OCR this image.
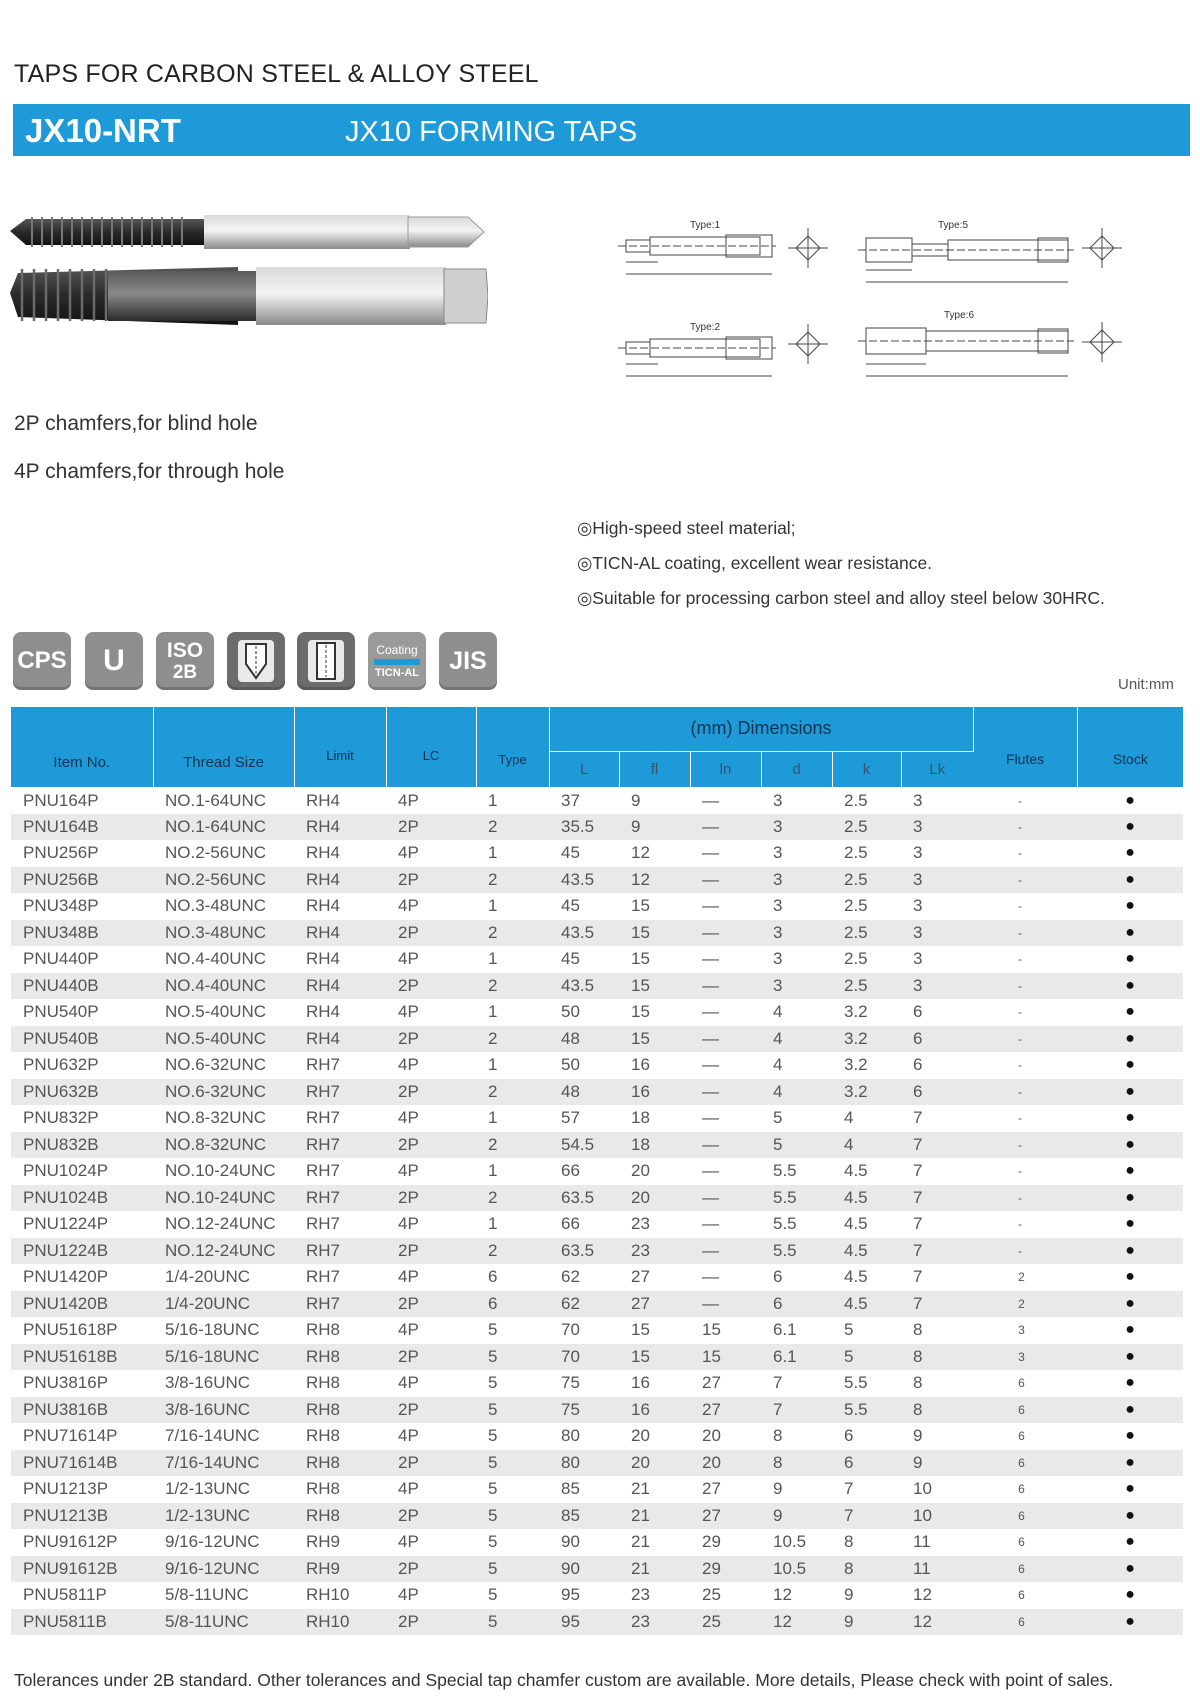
TAPS FOR CARBON STEEL & ALLOY STEEL
JX10-NRT	JX10 FORMING TAPS
Type:1	Type:5
Type:2
Type:6
2P chamfers,for blind hole
4P chamfers,for through hole
◎High-speed steel material;
◎TICN-AL coating, excellent wear resistance.
◎Suitable for processing carbon steel and alloy steel below 30HRC.
CPS U ISO
2B
Coating
TICN-AL JIS
Unit:mm
Item No.	Thread Size	Limit	LC	Type	(mm) Dimensions						Flutes	Stock
					L	fl	ln	d	k	Lk		
PNU164P	NO.1-64UNC	RH4	4P	1	37	9	—	3	2.5	3	-	●
PNU164B	NO.1-64UNC	RH4	2P	2	35.5	9	—	3	2.5	3	-	●
PNU256P	NO.2-56UNC	RH4	4P	1	45	12	—	3	2.5	3	-	●
PNU256B	NO.2-56UNC	RH4	2P	2	43.5	12	—	3	2.5	3	-	●
PNU348P	NO.3-48UNC	RH4	4P	1	45	15	—	3	2.5	3	-	●
PNU348B	NO.3-48UNC	RH4	2P	2	43.5	15	—	3	2.5	3	-	●
PNU440P	NO.4-40UNC	RH4	4P	1	45	15	—	3	2.5	3	-	●
PNU440B	NO.4-40UNC	RH4	2P	2	43.5	15	—	3	2.5	3	-	●
PNU540P	NO.5-40UNC	RH4	4P	1	50	15	—	4	3.2	6	-	●
PNU540B	NO.5-40UNC	RH4	2P	2	48	15	—	4	3.2	6	-	●
PNU632P	NO.6-32UNC	RH7	4P	1	50	16	—	4	3.2	6	-	●
PNU632B	NO.6-32UNC	RH7	2P	2	48	16	—	4	3.2	6	-	●
PNU832P	NO.8-32UNC	RH7	4P	1	57	18	—	5	4	7	-	●
PNU832B	NO.8-32UNC	RH7	2P	2	54.5	18	—	5	4	7	-	●
PNU1024P	NO.10-24UNC	RH7	4P	1	66	20	—	5.5	4.5	7	-	●
PNU1024B	NO.10-24UNC	RH7	2P	2	63.5	20	—	5.5	4.5	7	-	●
PNU1224P	NO.12-24UNC	RH7	4P	1	66	23	—	5.5	4.5	7	-	●
PNU1224B	NO.12-24UNC	RH7	2P	2	63.5	23	—	5.5	4.5	7	-	●
PNU1420P	1/4-20UNC	RH7	4P	6	62	27	—	6	4.5	7	2	●
PNU1420B	1/4-20UNC	RH7	2P	6	62	27	—	6	4.5	7	2	●
PNU51618P	5/16-18UNC	RH8	4P	5	70	15	15	6.1	5	8	3	●
PNU51618B	5/16-18UNC	RH8	2P	5	70	15	15	6.1	5	8	3	●
PNU3816P	3/8-16UNC	RH8	4P	5	75	16	27	7	5.5	8	6	●
PNU3816B	3/8-16UNC	RH8	2P	5	75	16	27	7	5.5	8	6	●
PNU71614P	7/16-14UNC	RH8	4P	5	80	20	20	8	6	9	6	●
PNU71614B	7/16-14UNC	RH8	2P	5	80	20	20	8	6	9	6	●
PNU1213P	1/2-13UNC	RH8	4P	5	85	21	27	9	7	10	6	●
PNU1213B	1/2-13UNC	RH8	2P	5	85	21	27	9	7	10	6	●
PNU91612P	9/16-12UNC	RH9	4P	5	90	21	29	10.5	8	11	6	●
PNU91612B	9/16-12UNC	RH9	2P	5	90	21	29	10.5	8	11	6	●
PNU5811P	5/8-11UNC	RH10	4P	5	95	23	25	12	9	12	6	●
PNU5811B	5/8-11UNC	RH10	2P	5	95	23	25	12	9	12	6	●
Tolerances under 2B standard. Other tolerances and Special tap chamfer custom are available. More details, Please check with point of sales.
